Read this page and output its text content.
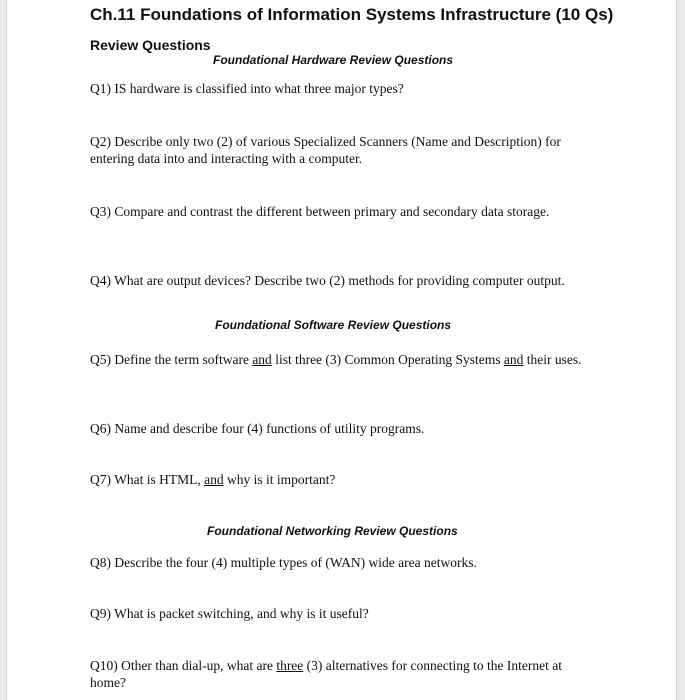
Ch.11 Foundations of Information Systems Infrastructure (10 Qs)
Review Questions
Foundational Hardware Review Questions
Q1) IS hardware is classified into what three major types?
Q2) Describe only two (2) of various Specialized Scanners (Name and Description) for entering data into and interacting with a computer.
Q3) Compare and contrast the different between primary and secondary data storage.
Q4) What are output devices? Describe two (2) methods for providing computer output.
Foundational Software Review Questions
Q5) Define the term software and list three (3) Common Operating Systems and their uses.
Q6) Name and describe four (4) functions of utility programs.
Q7) What is HTML, and why is it important?
Foundational Networking Review Questions
Q8) Describe the four (4) multiple types of (WAN) wide area networks.
Q9) What is packet switching, and why is it useful?
Q10) Other than dial-up, what are three (3) alternatives for connecting to the Internet at home?
